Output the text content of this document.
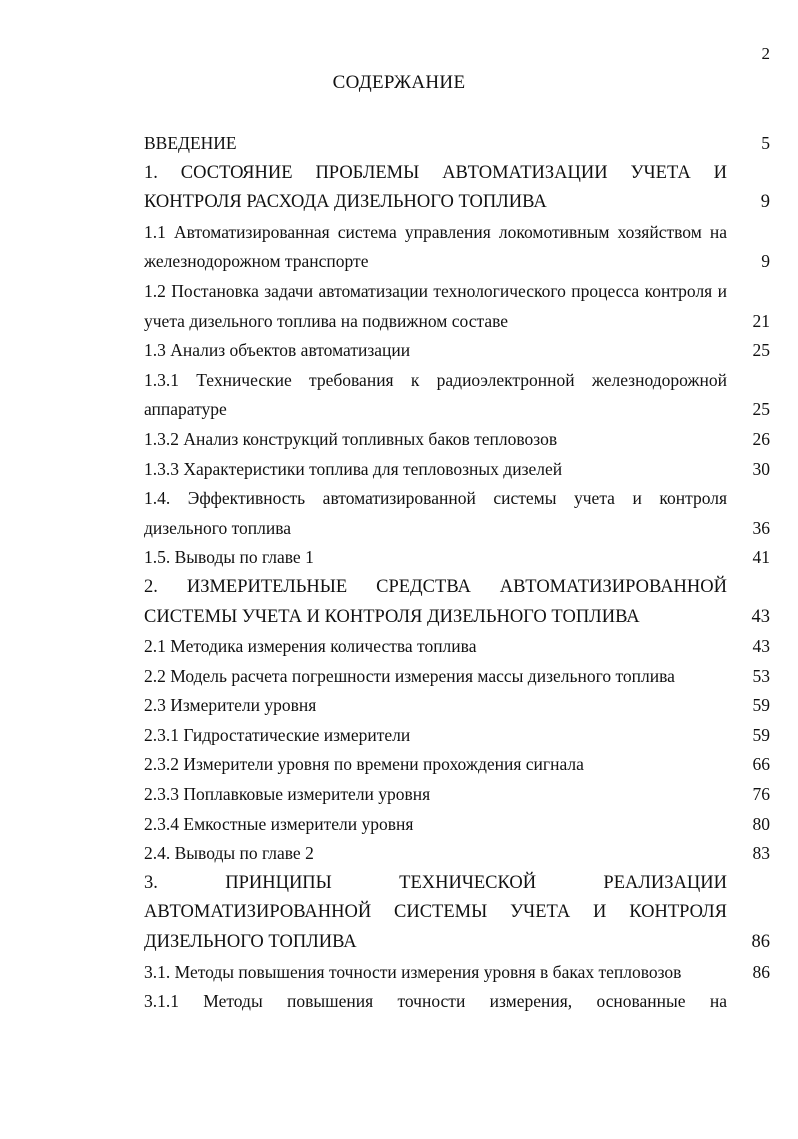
2
СОДЕРЖАНИЕ
ВВЕДЕНИЕ	5
1. СОСТОЯНИЕ ПРОБЛЕМЫ АВТОМАТИЗАЦИИ УЧЕТА И КОНТРОЛЯ РАСХОДА ДИЗЕЛЬНОГО ТОПЛИВА	9
1.1 Автоматизированная система управления локомотивным хозяйством на железнодорожном транспорте	9
1.2 Постановка задачи автоматизации технологического процесса контроля и учета дизельного топлива на подвижном составе	21
1.3 Анализ объектов автоматизации	25
1.3.1 Технические требования к радиоэлектронной железнодорожной аппаратуре	25
1.3.2 Анализ конструкций топливных баков тепловозов	26
1.3.3 Характеристики топлива для тепловозных дизелей	30
1.4. Эффективность автоматизированной системы учета и контроля дизельного топлива	36
1.5. Выводы по главе 1	41
2. ИЗМЕРИТЕЛЬНЫЕ СРЕДСТВА АВТОМАТИЗИРОВАННОЙ СИСТЕМЫ УЧЕТА И КОНТРОЛЯ ДИЗЕЛЬНОГО ТОПЛИВА	43
2.1 Методика измерения количества топлива	43
2.2 Модель расчета погрешности измерения массы дизельного топлива	53
2.3 Измерители уровня	59
2.3.1 Гидростатические измерители	59
2.3.2 Измерители уровня по времени прохождения сигнала	66
2.3.3 Поплавковые измерители уровня	76
2.3.4 Емкостные измерители уровня	80
2.4. Выводы по главе 2	83
3. ПРИНЦИПЫ ТЕХНИЧЕСКОЙ РЕАЛИЗАЦИИ АВТОМАТИЗИРОВАННОЙ СИСТЕМЫ УЧЕТА И КОНТРОЛЯ ДИЗЕЛЬНОГО ТОПЛИВА	86
3.1. Методы повышения точности измерения уровня в баках тепловозов	86
3.1.1 Методы повышения точности измерения, основанные на
